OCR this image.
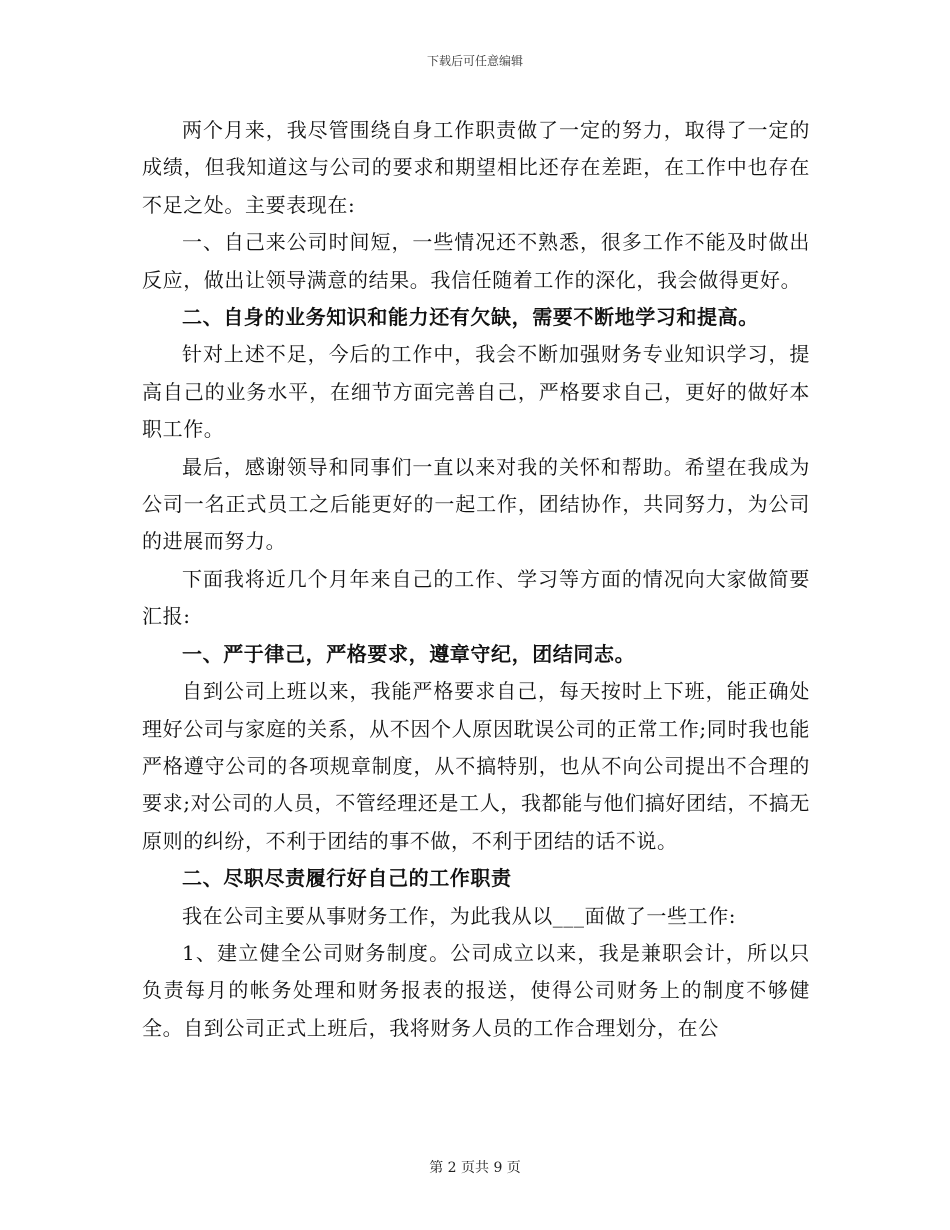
下载后可任意编辑

两个月来，我尽管围绕自身工作职责做了一定的努力，取得了一定的成绩，但我知道这与公司的要求和期望相比还存在差距，在工作中也存在不足之处。主要表现在:

一、自己来公司时间短，一些情况还不熟悉，很多工作不能及时做出反应，做出让领导满意的结果。我信任随着工作的深化，我会做得更好。

二、自身的业务知识和能力还有欠缺，需要不断地学习和提高。

针对上述不足，今后的工作中，我会不断加强财务专业知识学习，提高自己的业务水平，在细节方面完善自己，严格要求自己，更好的做好本职工作。

最后，感谢领导和同事们一直以来对我的关怀和帮助。希望在我成为公司一名正式员工之后能更好的一起工作，团结协作，共同努力，为公司的进展而努力。

下面我将近几个月年来自己的工作、学习等方面的情况向大家做简要汇报:

一、严于律己，严格要求，遵章守纪，团结同志。

自到公司上班以来，我能严格要求自己，每天按时上下班，能正确处理好公司与家庭的关系，从不因个人原因耽误公司的正常工作;同时我也能严格遵守公司的各项规章制度，从不搞特别，也从不向公司提出不合理的要求;对公司的人员，不管经理还是工人，我都能与他们搞好团结，不搞无原则的纠纷，不利于团结的事不做，不利于团结的话不说。

二、尽职尽责履行好自己的工作职责

我在公司主要从事财务工作，为此我从以___面做了一些工作:

1、建立健全公司财务制度。公司成立以来，我是兼职会计，所以只负责每月的帐务处理和财务报表的报送，使得公司财务上的制度不够健全。自到公司正式上班后，我将财务人员的工作合理划分，在公

第 2 页共 9 页
